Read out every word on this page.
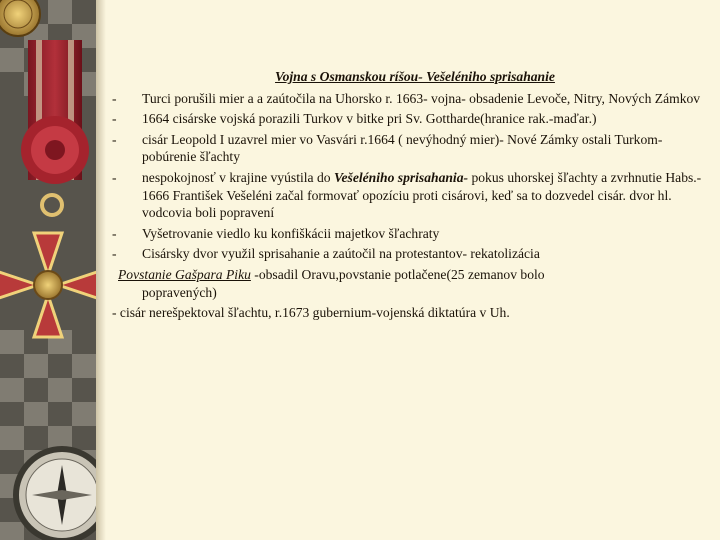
Vojna s Osmanskou ríšou- Vešeléniho sprisahanie
- Turci porušili mier a a zaútočila na Uhorsko r. 1663- vojna- obsadenie Levoče, Nitry, Nových Zámkov
- 1664 cisárske vojská porazili Turkov v bitke pri Sv. Gottharde(hranice rak.-maďar.)
- cisár Leopold I uzavrel mier vo Vasvári r.1664 ( nevýhodný mier)- Nové Zámky ostali Turkom- pobúrenie šľachty
- nespokojnosť v krajine vyústila do Vešeléniho sprisahania- pokus uhorskej šľachty a zvrhnutie Habs.- 1666 František Vešeléni začal formovať opozíciu proti cisárovi, keď sa to dozvedel cisár. dvor hl. vodcovia boli popravení
- Vyšetrovanie viedlo ku konfiškácii majetkov šľachraty
- Cisársky dvor využil sprisahanie a zaútočil na protestantov- rekatolizácia
Povstanie Gašpara Piku -obsadil Oravu,povstanie potlačene(25 zemanov bolo
popravených)
- cisár nerešpektoval šľachtu, r.1673 gubernium-vojenská diktatúra v Uh.
